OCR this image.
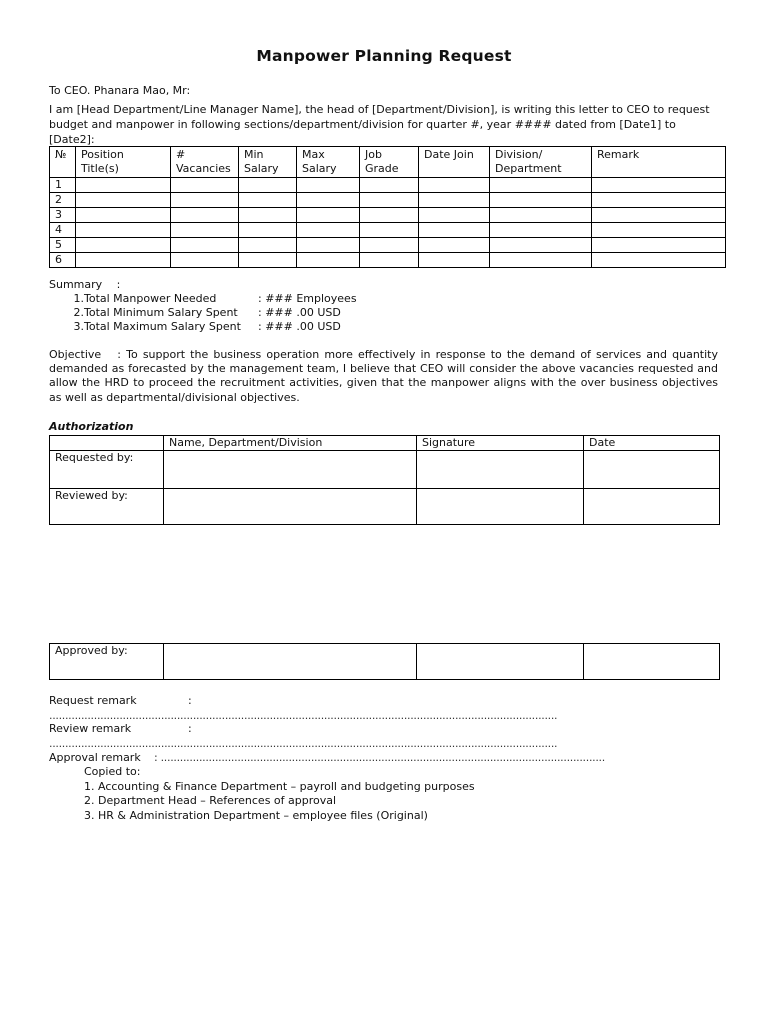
Manpower Planning Request
To CEO. Phanara Mao, Mr:
I am [Head Department/Line Manager Name], the head of [Department/Division], is writing this letter to CEO to request budget and manpower in following sections/department/division for quarter #, year #### dated from [Date1] to [Date2]:
№	Position Title(s)	# Vacancies	Min Salary	Max Salary	Job Grade	Date Join	Division/ Department	Remark
1								
2								
3								
4								
5								
6								
Summary  :
1. Total Manpower Needed	: ### Employees
2. Total Minimum Salary Spent : ### .00 USD
3. Total Maximum Salary Spent : ### .00 USD
Objective  : To support the business operation more effectively in response to the demand of services and quantity demanded as forecasted by the management team, I believe that CEO will consider the above vacancies requested and allow the HRD to proceed the recruitment activities, given that the manpower aligns with the over business objectives as well as departmental/divisional objectives.
Authorization
	Name, Department/Division	Signature	Date
Requested by:			
Reviewed by:			
Approved by:			
Request remark	:
...............................................................................................................................................................
Review remark	:
...............................................................................................................................................................
Approval remark : ...........................................................................................................................................
Copied to:
1. Accounting & Finance Department – payroll and budgeting purposes
2. Department Head – References of approval
3. HR & Administration Department – employee files (Original)
